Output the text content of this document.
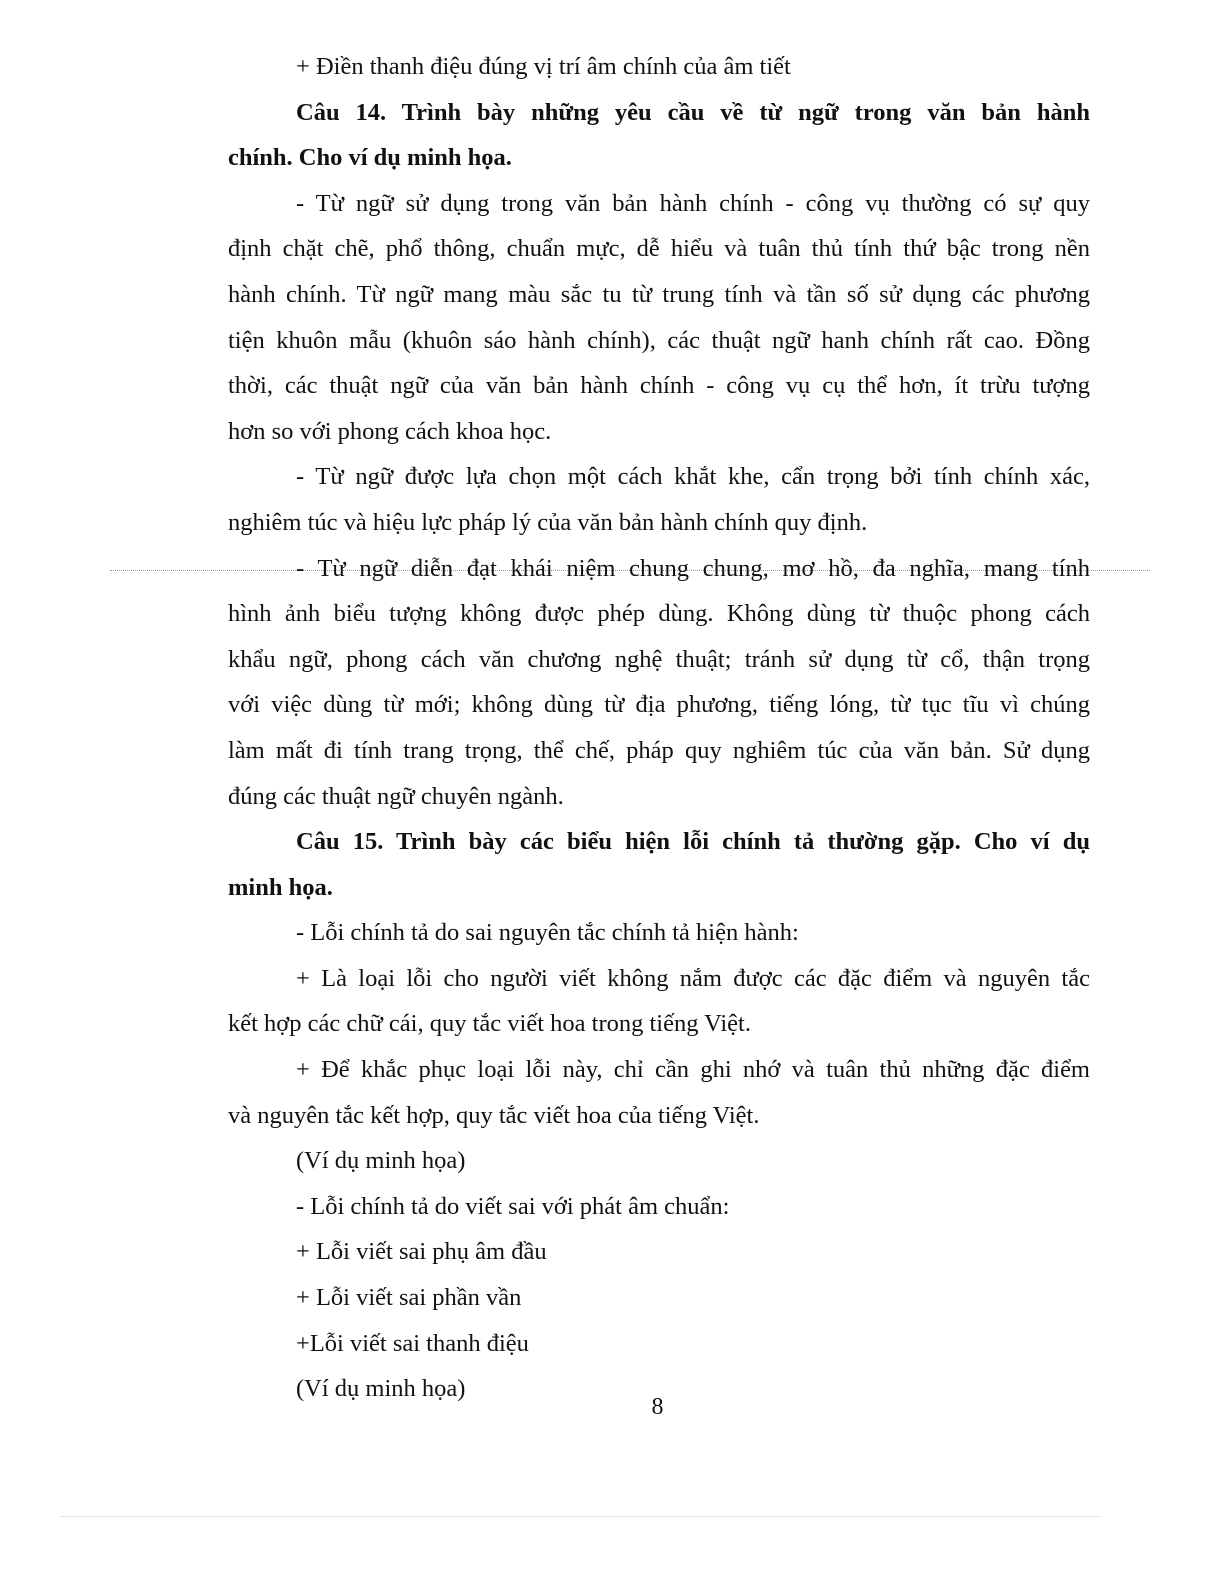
+ Điền thanh điệu đúng vị trí âm chính của âm tiết
Câu 14. Trình bày những yêu cầu về từ ngữ trong văn bản hành
chính. Cho ví dụ minh họa.
- Từ ngữ sử dụng trong văn bản hành chính - công vụ thường có sự quy
định chặt chẽ, phổ thông, chuẩn mực, dễ hiểu và tuân thủ tính thứ bậc trong nền
hành chính. Từ ngữ mang màu sắc tu từ trung tính và tần số sử dụng các phương
tiện khuôn mẫu (khuôn sáo hành chính), các thuật ngữ hanh chính rất cao. Đồng
thời, các thuật ngữ của văn bản hành chính - công vụ cụ thể hơn, ít trừu tượng
hơn so với phong cách khoa học.
- Từ ngữ được lựa chọn một cách khắt khe, cẩn trọng bởi tính chính xác,
nghiêm túc và hiệu lực pháp lý của văn bản hành chính quy định.
- Từ ngữ diễn đạt khái niệm chung chung, mơ hồ, đa nghĩa, mang tính
hình ảnh biểu tượng không được phép dùng. Không dùng từ thuộc phong cách
khẩu ngữ, phong cách văn chương nghệ thuật; tránh sử dụng từ cổ, thận trọng
với việc dùng từ mới; không dùng từ địa phương, tiếng lóng, từ tục tĩu vì chúng
làm mất đi tính trang trọng, thể chế, pháp quy nghiêm túc của văn bản. Sử dụng
đúng các thuật ngữ chuyên ngành.
Câu 15. Trình bày các biểu hiện lỗi chính tả thường gặp. Cho ví dụ
minh họa.
- Lỗi chính tả do sai nguyên tắc chính tả hiện hành:
+ Là loại lỗi cho người viết không nắm được các đặc điểm và nguyên tắc
kết hợp các chữ cái, quy tắc viết hoa trong tiếng Việt.
+ Để khắc phục loại lỗi này, chỉ cần ghi nhớ và tuân thủ những đặc điểm
và nguyên tắc kết hợp, quy tắc viết hoa của tiếng Việt.
(Ví dụ minh họa)
- Lỗi chính tả do viết sai với phát âm chuẩn:
+ Lỗi viết sai phụ âm đầu
+ Lỗi viết sai phần vần
+Lỗi viết sai thanh điệu
(Ví dụ minh họa)
8
